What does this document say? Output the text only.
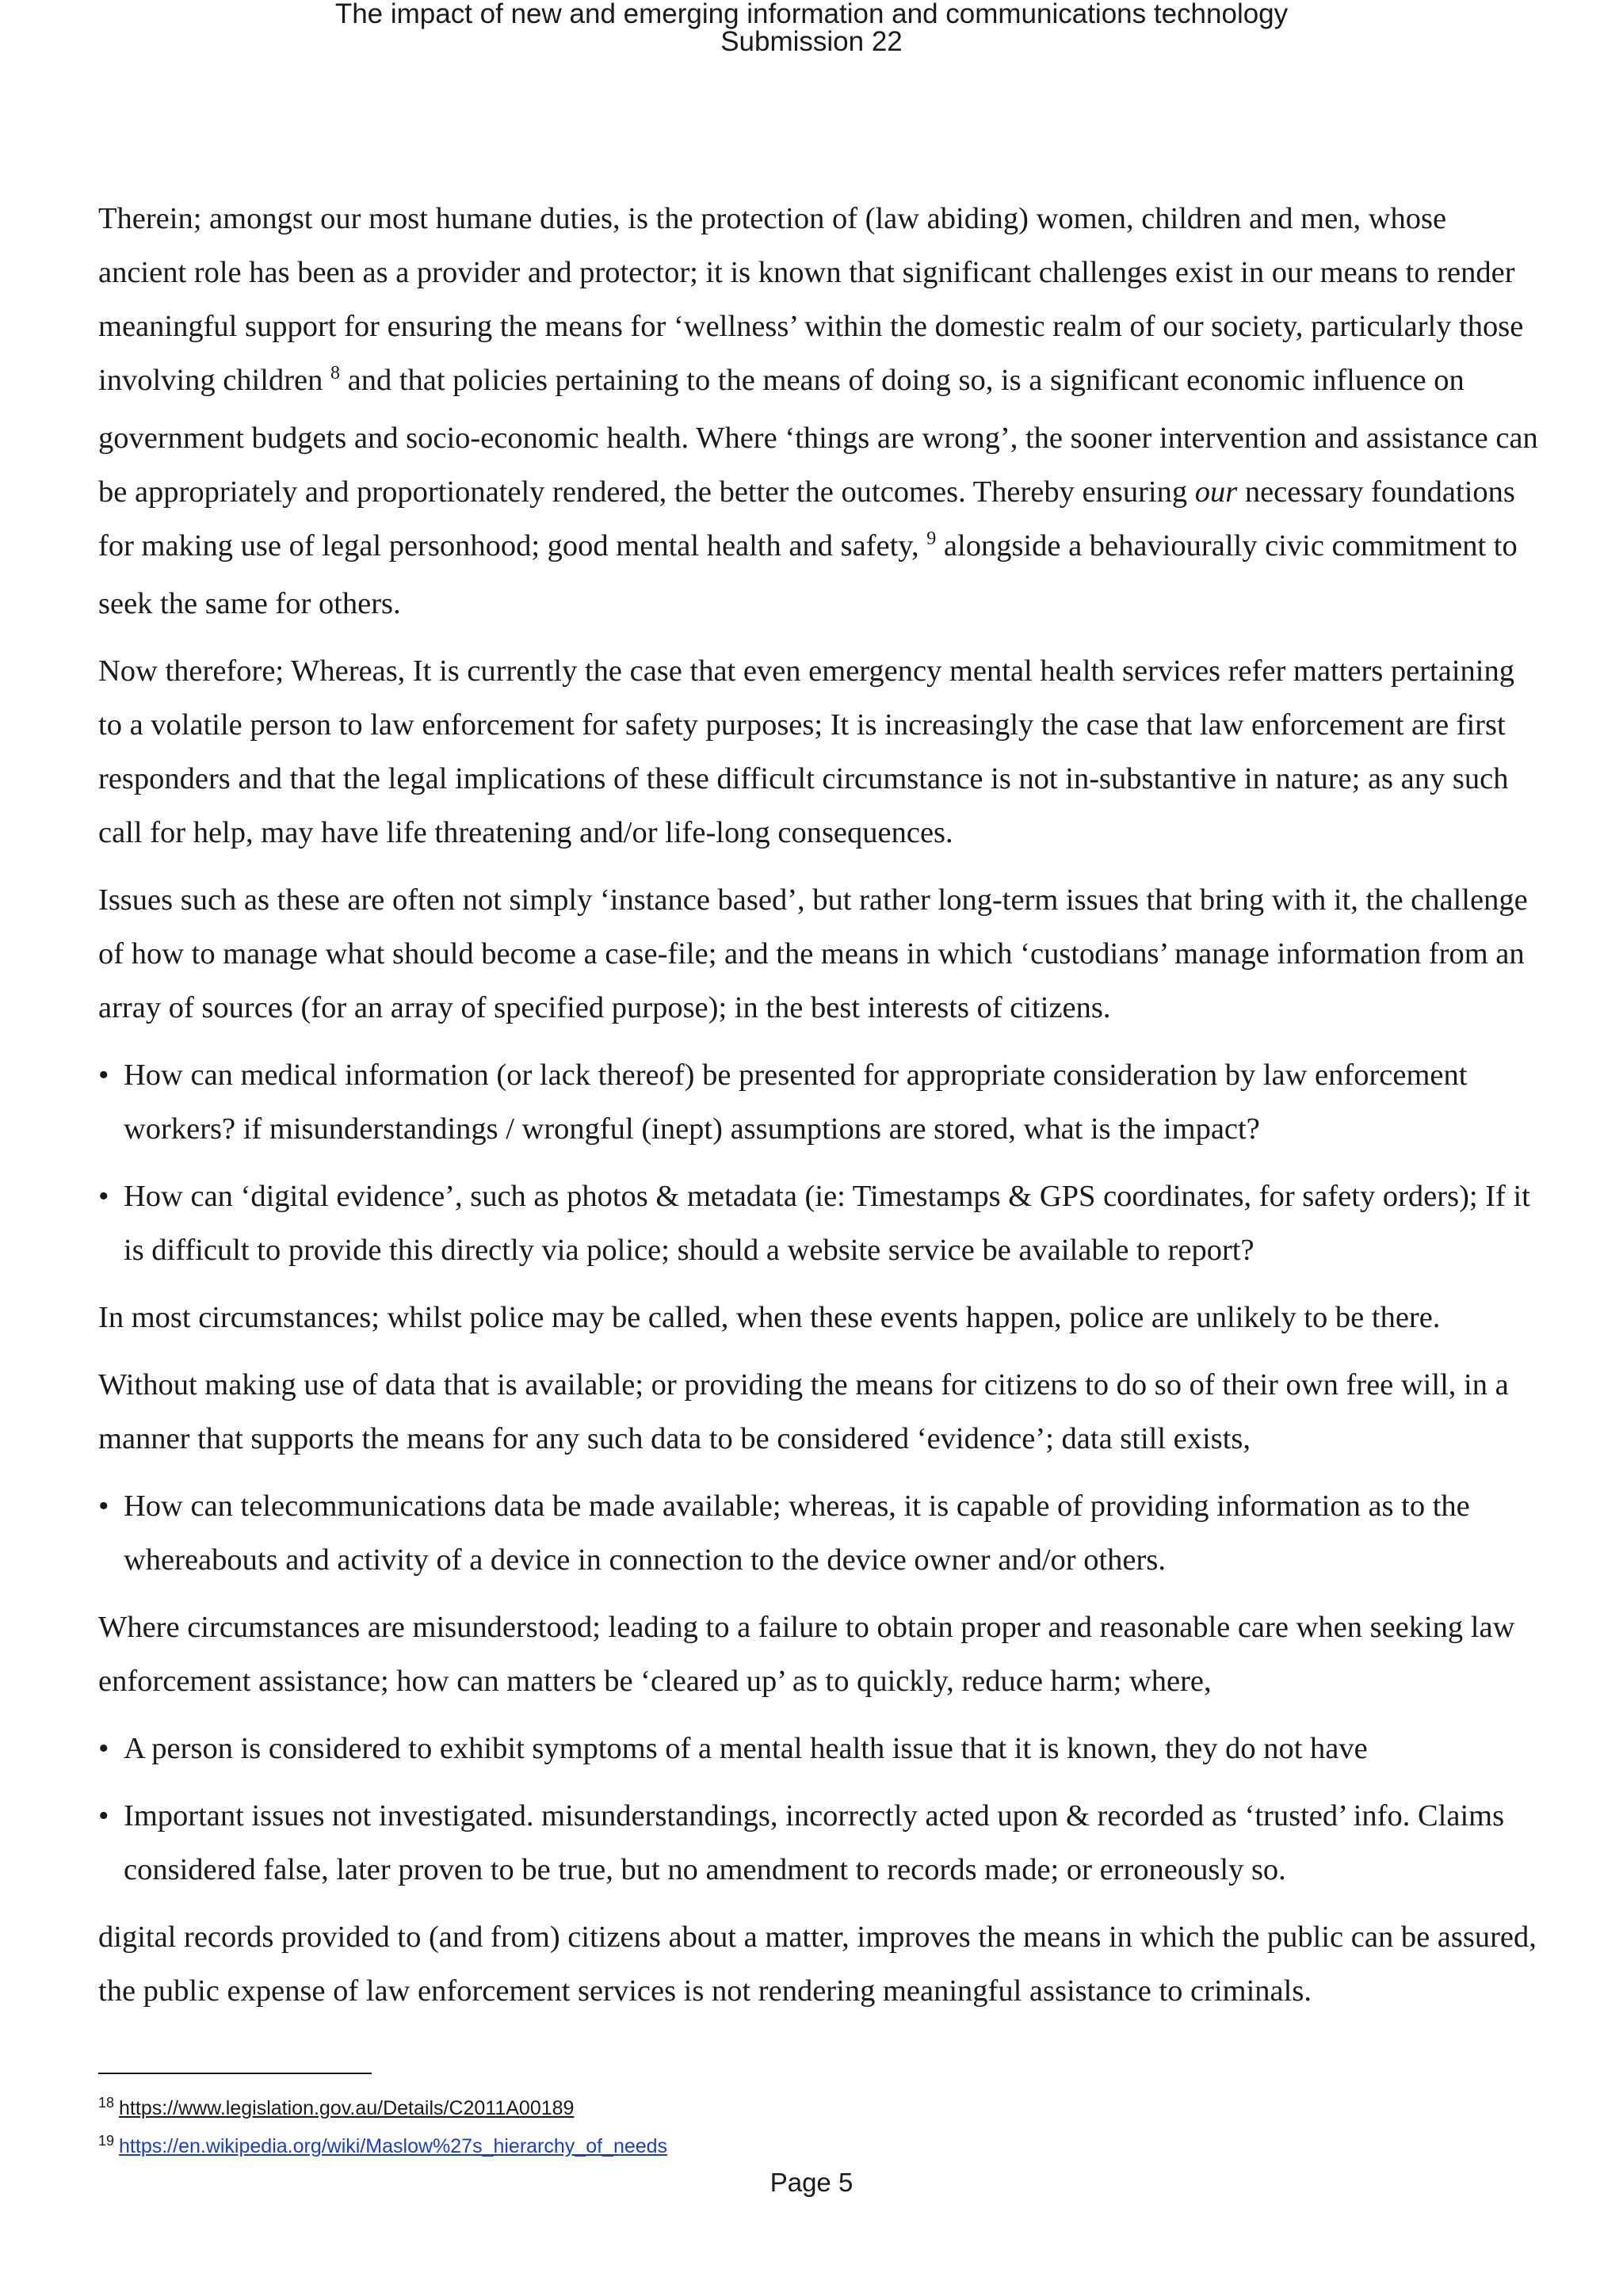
The impact of new and emerging information and communications technology
Submission 22

Therein; amongst our most humane duties, is the protection of (law abiding) women, children and men, whose ancient role has been as a provider and protector; it is known that significant challenges exist in our means to render meaningful support for ensuring the means for ‘wellness’ within the domestic realm of our society, particularly those involving children $^8$ and that policies pertaining to the means of doing so, is a significant economic influence on government budgets and socio-economic health. Where ‘things are wrong’, the sooner intervention and assistance can be appropriately and proportionately rendered, the better the outcomes. Thereby ensuring our necessary foundations for making use of legal personhood; good mental health and safety, $^9$ alongside a behaviourally civic commitment to seek the same for others.

Now therefore; Whereas, It is currently the case that even emergency mental health services refer matters pertaining to a volatile person to law enforcement for safety purposes; It is increasingly the case that law enforcement are first responders and that the legal implications of these difficult circumstance is not in-substantive in nature; as any such call for help, may have life threatening and/or life-long consequences.

Issues such as these are often not simply ‘instance based’, but rather long-term issues that bring with it, the challenge of how to manage what should become a case-file; and the means in which ‘custodians’ manage information from an array of sources (for an array of specified purpose); in the best interests of citizens.

• How can medical information (or lack thereof) be presented for appropriate consideration by law enforcement workers? if misunderstandings / wrongful (inept) assumptions are stored, what is the impact?
• How can ‘digital evidence’, such as photos & metadata (ie: Timestamps & GPS coordinates, for safety orders); If it is difficult to provide this directly via police; should a website service be available to report?

In most circumstances; whilst police may be called, when these events happen, police are unlikely to be there.

Without making use of data that is available; or providing the means for citizens to do so of their own free will, in a manner that supports the means for any such data to be considered ‘evidence’; data still exists,

• How can telecommunications data be made available; whereas, it is capable of providing information as to the whereabouts and activity of a device in connection to the device owner and/or others.

Where circumstances are misunderstood; leading to a failure to obtain proper and reasonable care when seeking law enforcement assistance; how can matters be ‘cleared up’ as to quickly, reduce harm; where,

• A person is considered to exhibit symptoms of a mental health issue that it is known, they do not have
• Important issues not investigated. misunderstandings, incorrectly acted upon & recorded as ‘trusted’ info. Claims considered false, later proven to be true, but no amendment to records made; or erroneously so.

digital records provided to (and from) citizens about a matter, improves the means in which the public can be assured, the public expense of law enforcement services is not rendering meaningful assistance to criminals.

$^{18}$ https://www.legislation.gov.au/Details/C2011A00189
$^{19}$ https://en.wikipedia.org/wiki/Maslow%27s_hierarchy_of_needs
Page 5
